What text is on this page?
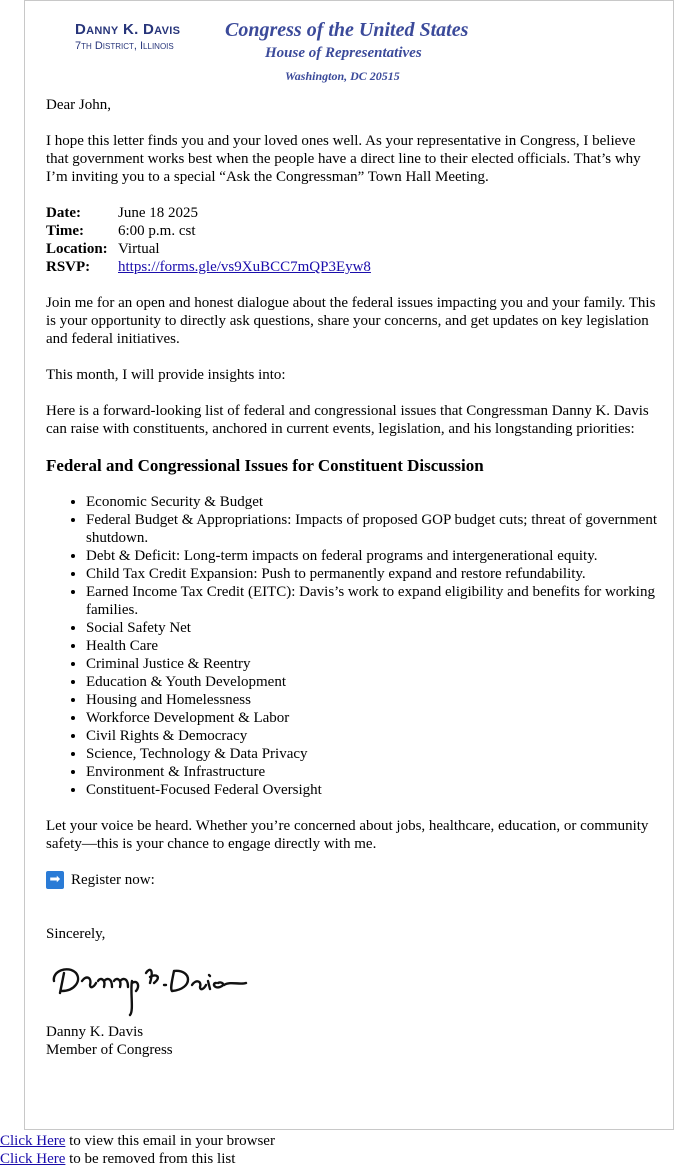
Danny K. Davis
7th District, Illinois
Congress of the United States
House of Representatives
Washington, DC 20515

Dear John,

I hope this letter finds you and your loved ones well. As your representative in Congress, I believe that government works best when the people have a direct line to their elected officials. That’s why I’m inviting you to a special “Ask the Congressman” Town Hall Meeting.

Date:	June 18 2025
Time:	6:00 p.m. cst
Location: Virtual
RSVP:	https://forms.gle/vs9XuBCC7mQP3Eyw8

Join me for an open and honest dialogue about the federal issues impacting you and your family. This is your opportunity to directly ask questions, share your concerns, and get updates on key legislation and federal initiatives.

This month, I will provide insights into:

Here is a forward-looking list of federal and congressional issues that Congressman Danny K. Davis can raise with constituents, anchored in current events, legislation, and his longstanding priorities:

Federal and Congressional Issues for Constituent Discussion
• Economic Security & Budget
• Federal Budget & Appropriations: Impacts of proposed GOP budget cuts; threat of government shutdown.
• Debt & Deficit: Long-term impacts on federal programs and intergenerational equity.
• Child Tax Credit Expansion: Push to permanently expand and restore refundability.
• Earned Income Tax Credit (EITC): Davis’s work to expand eligibility and benefits for working families.
• Social Safety Net
• Health Care
• Criminal Justice & Reentry
• Education & Youth Development
• Housing and Homelessness
• Workforce Development & Labor
• Civil Rights & Democracy
• Science, Technology & Data Privacy
• Environment & Infrastructure
• Constituent-Focused Federal Oversight

Let your voice be heard. Whether you’re concerned about jobs, healthcare, education, or community safety—this is your chance to engage directly with me.

➡ Register now:

Sincerely,

Danny K. Davis

Member of Congress

Click Here to view this email in your browser
Click Here to be removed from this list
